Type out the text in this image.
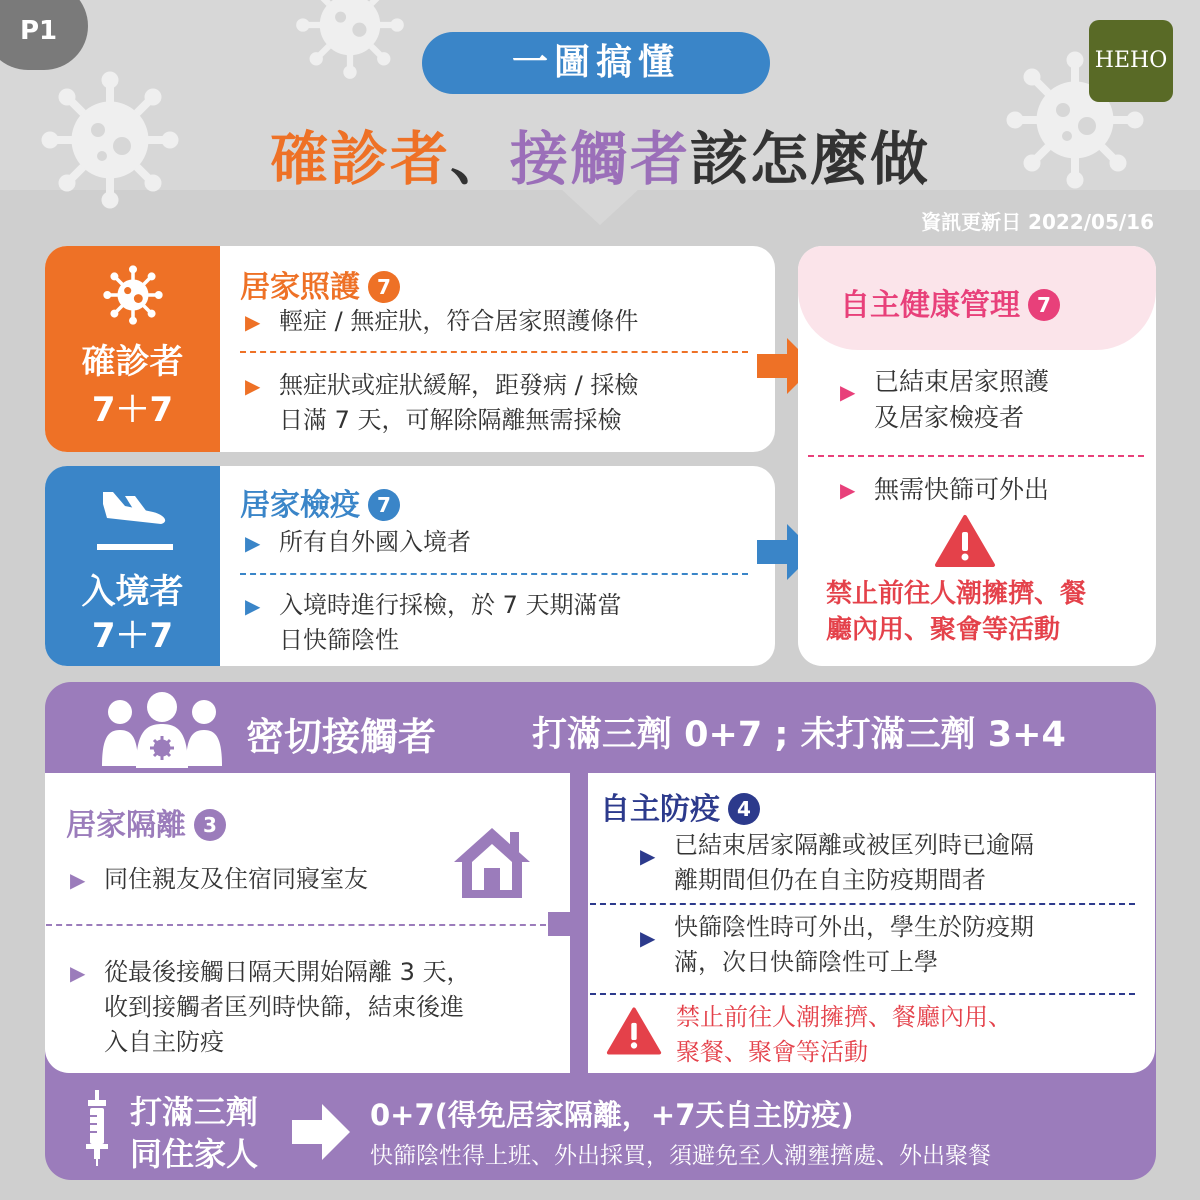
P1
HEHO
一圖搞懂
確診者、接觸者該怎麼做
資訊更新日 2022/05/16
確診者
7＋7
居家照護 7
▶ 輕症 / 無症狀，符合居家照護條件
▶ 無症狀或症狀緩解，距發病 / 採檢
日滿 7 天，可解除隔離無需採檢
入境者
7＋7
居家檢疫 7
▶ 所有自外國入境者
▶ 入境時進行採檢，於 7 天期滿當
日快篩陰性
自主健康管理 7
▶ 已結束居家照護
及居家檢疫者
▶ 無需快篩可外出
禁止前往人潮擁擠、餐
廳內用、聚會等活動
密切接觸者	打滿三劑 0+7 ; 未打滿三劑 3+4
居家隔離 3
▶ 同住親友及住宿同寢室友
▶ 從最後接觸日隔天開始隔離 3 天，
收到接觸者匡列時快篩，結束後進
入自主防疫
自主防疫 4
▶ 已結束居家隔離或被匡列時已逾隔
離期間但仍在自主防疫期間者
▶ 快篩陰性時可外出，學生於防疫期
滿，次日快篩陰性可上學
禁止前往人潮擁擠、餐廳內用、
聚餐、聚會等活動
打滿三劑
同住家人
0+7(得免居家隔離，+7天自主防疫)
快篩陰性得上班、外出採買，須避免至人潮壅擠處、外出聚餐
